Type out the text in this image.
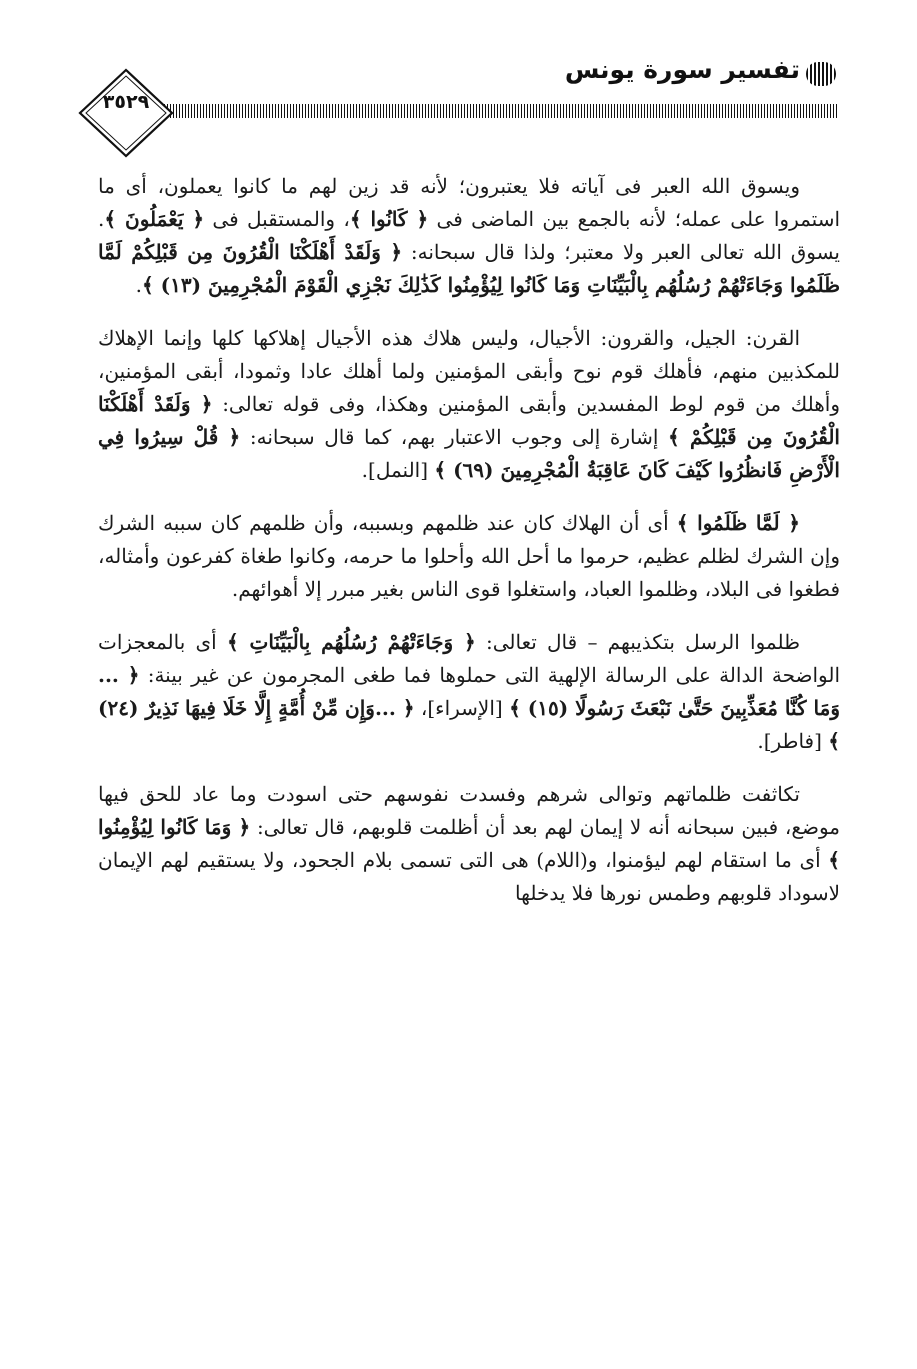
تفسير سورة يونس
٣٥٢٩

ويسوق الله العبر فى آياته فلا يعتبرون؛ لأنه قد زين لهم ما كانوا يعملون، أى ما استمروا على عمله؛ لأنه بالجمع بين الماضى فى ﴿ كَانُوا ﴾، والمستقبل فى ﴿ يَعْمَلُونَ ﴾. يسوق الله تعالى العبر ولا معتبر؛ ولذا قال سبحانه: ﴿ وَلَقَدْ أَهْلَكْنَا الْقُرُونَ مِن قَبْلِكُمْ لَمَّا ظَلَمُوا وَجَاءَتْهُمْ رُسُلُهُم بِالْبَيِّنَاتِ وَمَا كَانُوا لِيُؤْمِنُوا كَذَٰلِكَ نَجْزِي الْقَوْمَ الْمُجْرِمِينَ (١٣) ﴾.

القرن: الجيل، والقرون: الأجيال، وليس هلاك هذه الأجيال إهلاكها كلها وإنما الإهلاك للمكذبين منهم، فأهلك قوم نوح وأبقى المؤمنين ولما أهلك عادا وثمودا، أبقى المؤمنين، وأهلك من قوم لوط المفسدين وأبقى المؤمنين وهكذا، وفى قوله تعالى: ﴿ وَلَقَدْ أَهْلَكْنَا الْقُرُونَ مِن قَبْلِكُمْ ﴾ إشارة إلى وجوب الاعتبار بهم، كما قال سبحانه: ﴿ قُلْ سِيرُوا فِي الْأَرْضِ فَانظُرُوا كَيْفَ كَانَ عَاقِبَةُ الْمُجْرِمِينَ (٦٩) ﴾ [النمل].

﴿ لَمَّا ظَلَمُوا ﴾ أى أن الهلاك كان عند ظلمهم وبسببه، وأن ظلمهم كان سببه الشرك وإن الشرك لظلم عظيم، حرموا ما أحل الله وأحلوا ما حرمه، وكانوا طغاة كفرعون وأمثاله، فطغوا فى البلاد، وظلموا العباد، واستغلوا قوى الناس بغير مبرر إلا أهوائهم.

ظلموا الرسل بتكذيبهم – قال تعالى: ﴿ وَجَاءَتْهُمْ رُسُلُهُم بِالْبَيِّنَاتِ ﴾ أى بالمعجزات الواضحة الدالة على الرسالة الإلهية التى حملوها فما طغى المجرمون عن غير بينة: ﴿ ... وَمَا كُنَّا مُعَذِّبِينَ حَتَّىٰ نَبْعَثَ رَسُولًا (١٥) ﴾ [الإسراء]، ﴿ ...وَإِن مِّنْ أُمَّةٍ إِلَّا خَلَا فِيهَا نَذِيرٌ (٢٤) ﴾ [فاطر].

تكاثفت ظلماتهم وتوالى شرهم وفسدت نفوسهم حتى اسودت وما عاد للحق فيها موضع، فبين سبحانه أنه لا إيمان لهم بعد أن أظلمت قلوبهم، قال تعالى: ﴿ وَمَا كَانُوا لِيُؤْمِنُوا ﴾ أى ما استقام لهم ليؤمنوا، و(اللام) هى التى تسمى بلام الجحود، ولا يستقيم لهم الإيمان لاسوداد قلوبهم وطمس نورها فلا يدخلها
